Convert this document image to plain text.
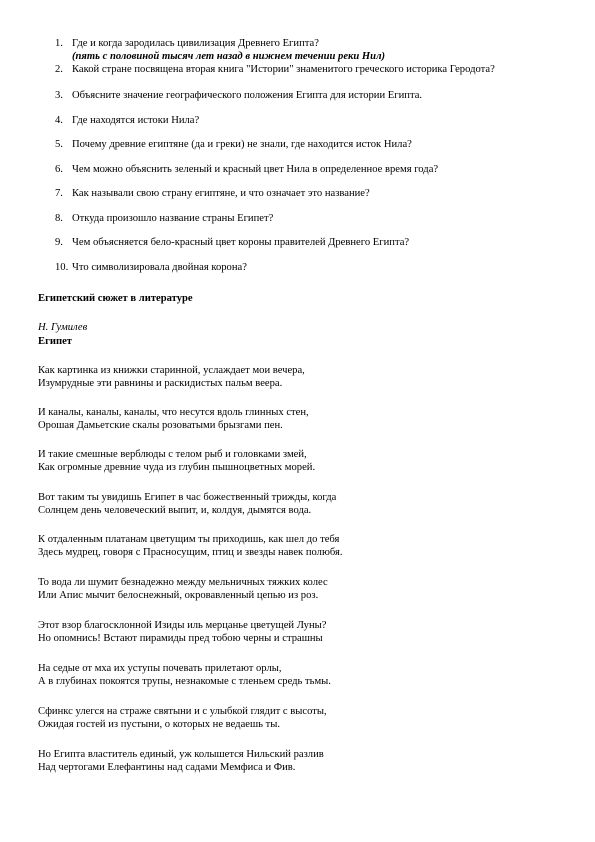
1. Где и когда зародилась цивилизация Древнего Египта?
(пять с половиной тысяч лет назад в нижнем течении реки Нил)
2. Какой стране посвящена вторая книга "Истории" знаменитого греческого историка Геродота?
3. Объясните значение географического положения Египта для истории Египта.
4. Где находятся истоки Нила?
5. Почему древние египтяне (да и греки) не знали, где находится исток Нила?
6. Чем можно объяснить зеленый и красный цвет Нила в определенное время года?
7. Как называли свою страну египтяне, и что означает это название?
8. Откуда произошло название страны Египет?
9. Чем объясняется бело-красный цвет короны правителей Древнего Египта?
10. Что символизировала двойная корона?
Египетский сюжет в литературе
Н. Гумилев
Египет
Как картинка из книжки старинной, услаждает мои вечера,
Изумрудные эти равнины и раскидистых пальм веера.
И каналы, каналы, каналы, что несутся вдоль глинных стен,
Орошая Дамьетские скалы розоватыми брызгами пен.
И такие смешные верблюды с телом рыб и головками змей,
Как огромные древние чуда из глубин пышноцветных морей.
Вот таким ты увидишь Египет в час божественный трижды, когда
Солнцем день человеческий выпит, и, колдуя, дымятся вода.
К отдаленным платанам цветущим ты приходишь, как шел до тебя
Здесь мудрец, говоря с Прасносущим, птиц и звезды навек полюбя.
То вода ли шумит безнадежно между мельничных тяжких колес
Или Апис мычит белоснежный, окровавленный цепью из роз.
Этот взор благосклонной Изиды иль мерцанье цветущей Луны?
Но опомнись! Встают пирамиды пред тобою черны и страшны
На седые от мха их уступы почевать прилетают орлы,
А в глубинах покоятся трупы, незнакомые с тленьем средь тьмы.
Сфинкс улегся на страже святыни и с улыбкой глядит с высоты,
Ожидая гостей из пустыни, о которых не ведаешь ты.
Но Египта властитель единый, уж колышется Нильский разлив
Над чертогами Елефантины над садами Мемфиса и Фив.
